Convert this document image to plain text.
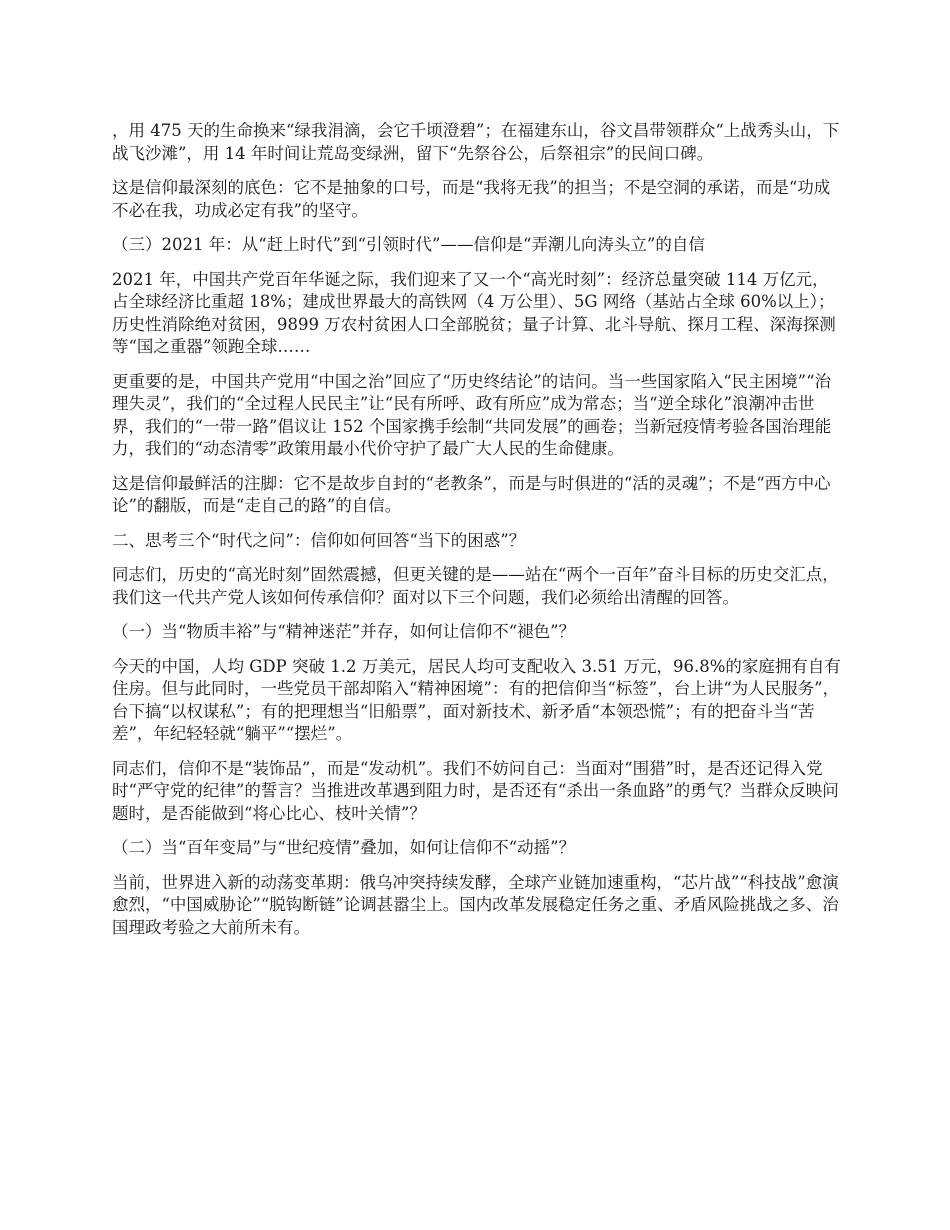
，用 475 天的生命换来“绿我涓滴，会它千顷澄碧”；在福建东山，谷文昌带领群众“上战秀头山，下战飞沙滩”，用 14 年时间让荒岛变绿洲，留下“先祭谷公，后祭祖宗”的民间口碑。

这是信仰最深刻的底色：它不是抽象的口号，而是“我将无我”的担当；不是空洞的承诺，而是“功成不必在我，功成必定有我”的坚守。

（三）2021 年：从“赶上时代”到“引领时代”——信仰是“弄潮儿向涛头立”的自信

2021 年，中国共产党百年华诞之际，我们迎来了又一个“高光时刻”：经济总量突破 114 万亿元，占全球经济比重超 18%；建成世界最大的高铁网（4 万公里）、5G 网络（基站占全球 60%以上）；历史性消除绝对贫困，9899 万农村贫困人口全部脱贫；量子计算、北斗导航、探月工程、深海探测等“国之重器”领跑全球……

更重要的是，中国共产党用“中国之治”回应了“历史终结论”的诘问。当一些国家陷入“民主困境”“治理失灵”，我们的“全过程人民民主”让“民有所呼、政有所应”成为常态；当“逆全球化”浪潮冲击世界，我们的“一带一路”倡议让 152 个国家携手绘制“共同发展”的画卷；当新冠疫情考验各国治理能力，我们的“动态清零”政策用最小代价守护了最广大人民的生命健康。

这是信仰最鲜活的注脚：它不是故步自封的“老教条”，而是与时俱进的“活的灵魂”；不是“西方中心论”的翻版，而是“走自己的路”的自信。

二、思考三个“时代之问”：信仰如何回答“当下的困惑”？

同志们，历史的“高光时刻”固然震撼，但更关键的是——站在“两个一百年”奋斗目标的历史交汇点，我们这一代共产党人该如何传承信仰？面对以下三个问题，我们必须给出清醒的回答。

（一）当“物质丰裕”与“精神迷茫”并存，如何让信仰不“褪色”？

今天的中国，人均 GDP 突破 1.2 万美元，居民人均可支配收入 3.51 万元，96.8%的家庭拥有自有住房。但与此同时，一些党员干部却陷入“精神困境”：有的把信仰当“标签”，台上讲“为人民服务”，台下搞“以权谋私”；有的把理想当“旧船票”，面对新技术、新矛盾“本领恐慌”；有的把奋斗当“苦差”，年纪轻轻就“躺平”“摆烂”。

同志们，信仰不是“装饰品”，而是“发动机”。我们不妨问自己：当面对“围猎”时，是否还记得入党时“严守党的纪律”的誓言？当推进改革遇到阻力时，是否还有“杀出一条血路”的勇气？当群众反映问题时，是否能做到“将心比心、枝叶关情”？

（二）当“百年变局”与“世纪疫情”叠加，如何让信仰不“动摇”？

当前，世界进入新的动荡变革期：俄乌冲突持续发酵，全球产业链加速重构，“芯片战”“科技战”愈演愈烈，“中国威胁论”“脱钩断链”论调甚嚣尘上。国内改革发展稳定任务之重、矛盾风险挑战之多、治国理政考验之大前所未有。
